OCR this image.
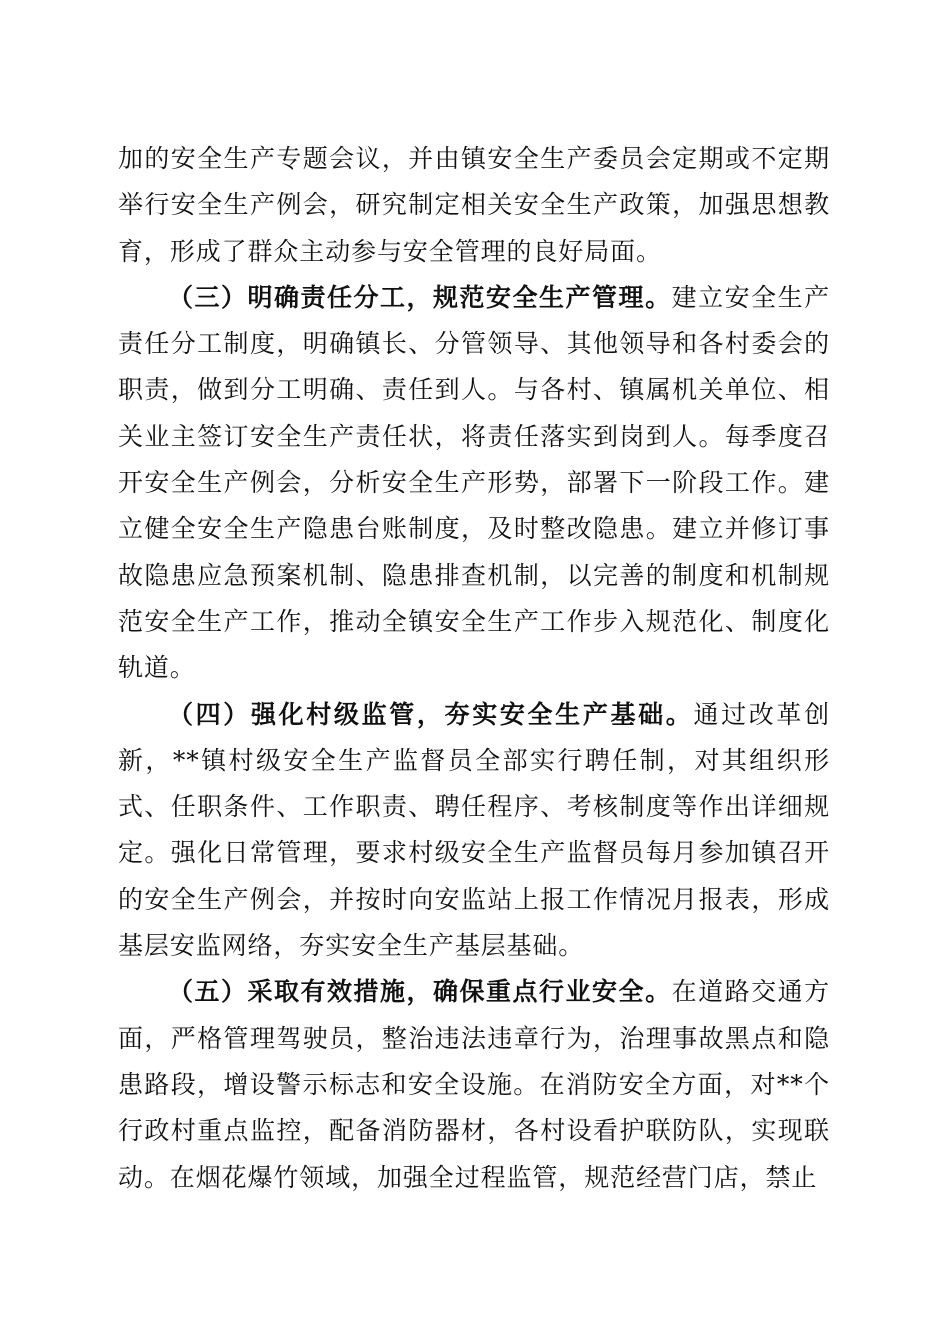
加的安全生产专题会议，并由镇安全生产委员会定期或不定期举行安全生产例会，研究制定相关安全生产政策，加强思想教育，形成了群众主动参与安全管理的良好局面。

（三）明确责任分工，规范安全生产管理。建立安全生产责任分工制度，明确镇长、分管领导、其他领导和各村委会的职责，做到分工明确、责任到人。与各村、镇属机关单位、相关业主签订安全生产责任状，将责任落实到岗到人。每季度召开安全生产例会，分析安全生产形势，部署下一阶段工作。建立健全安全生产隐患台账制度，及时整改隐患。建立并修订事故隐患应急预案机制、隐患排查机制，以完善的制度和机制规范安全生产工作，推动全镇安全生产工作步入规范化、制度化轨道。

（四）强化村级监管，夯实安全生产基础。通过改革创新，**镇村级安全生产监督员全部实行聘任制，对其组织形式、任职条件、工作职责、聘任程序、考核制度等作出详细规定。强化日常管理，要求村级安全生产监督员每月参加镇召开的安全生产例会，并按时向安监站上报工作情况月报表，形成基层安监网络，夯实安全生产基层基础。

（五）采取有效措施，确保重点行业安全。在道路交通方面，严格管理驾驶员，整治违法违章行为，治理事故黑点和隐患路段，增设警示标志和安全设施。在消防安全方面，对**个行政村重点监控，配备消防器材，各村设看护联防队，实现联动。在烟花爆竹领域，加强全过程监管，规范经营门店，禁止
